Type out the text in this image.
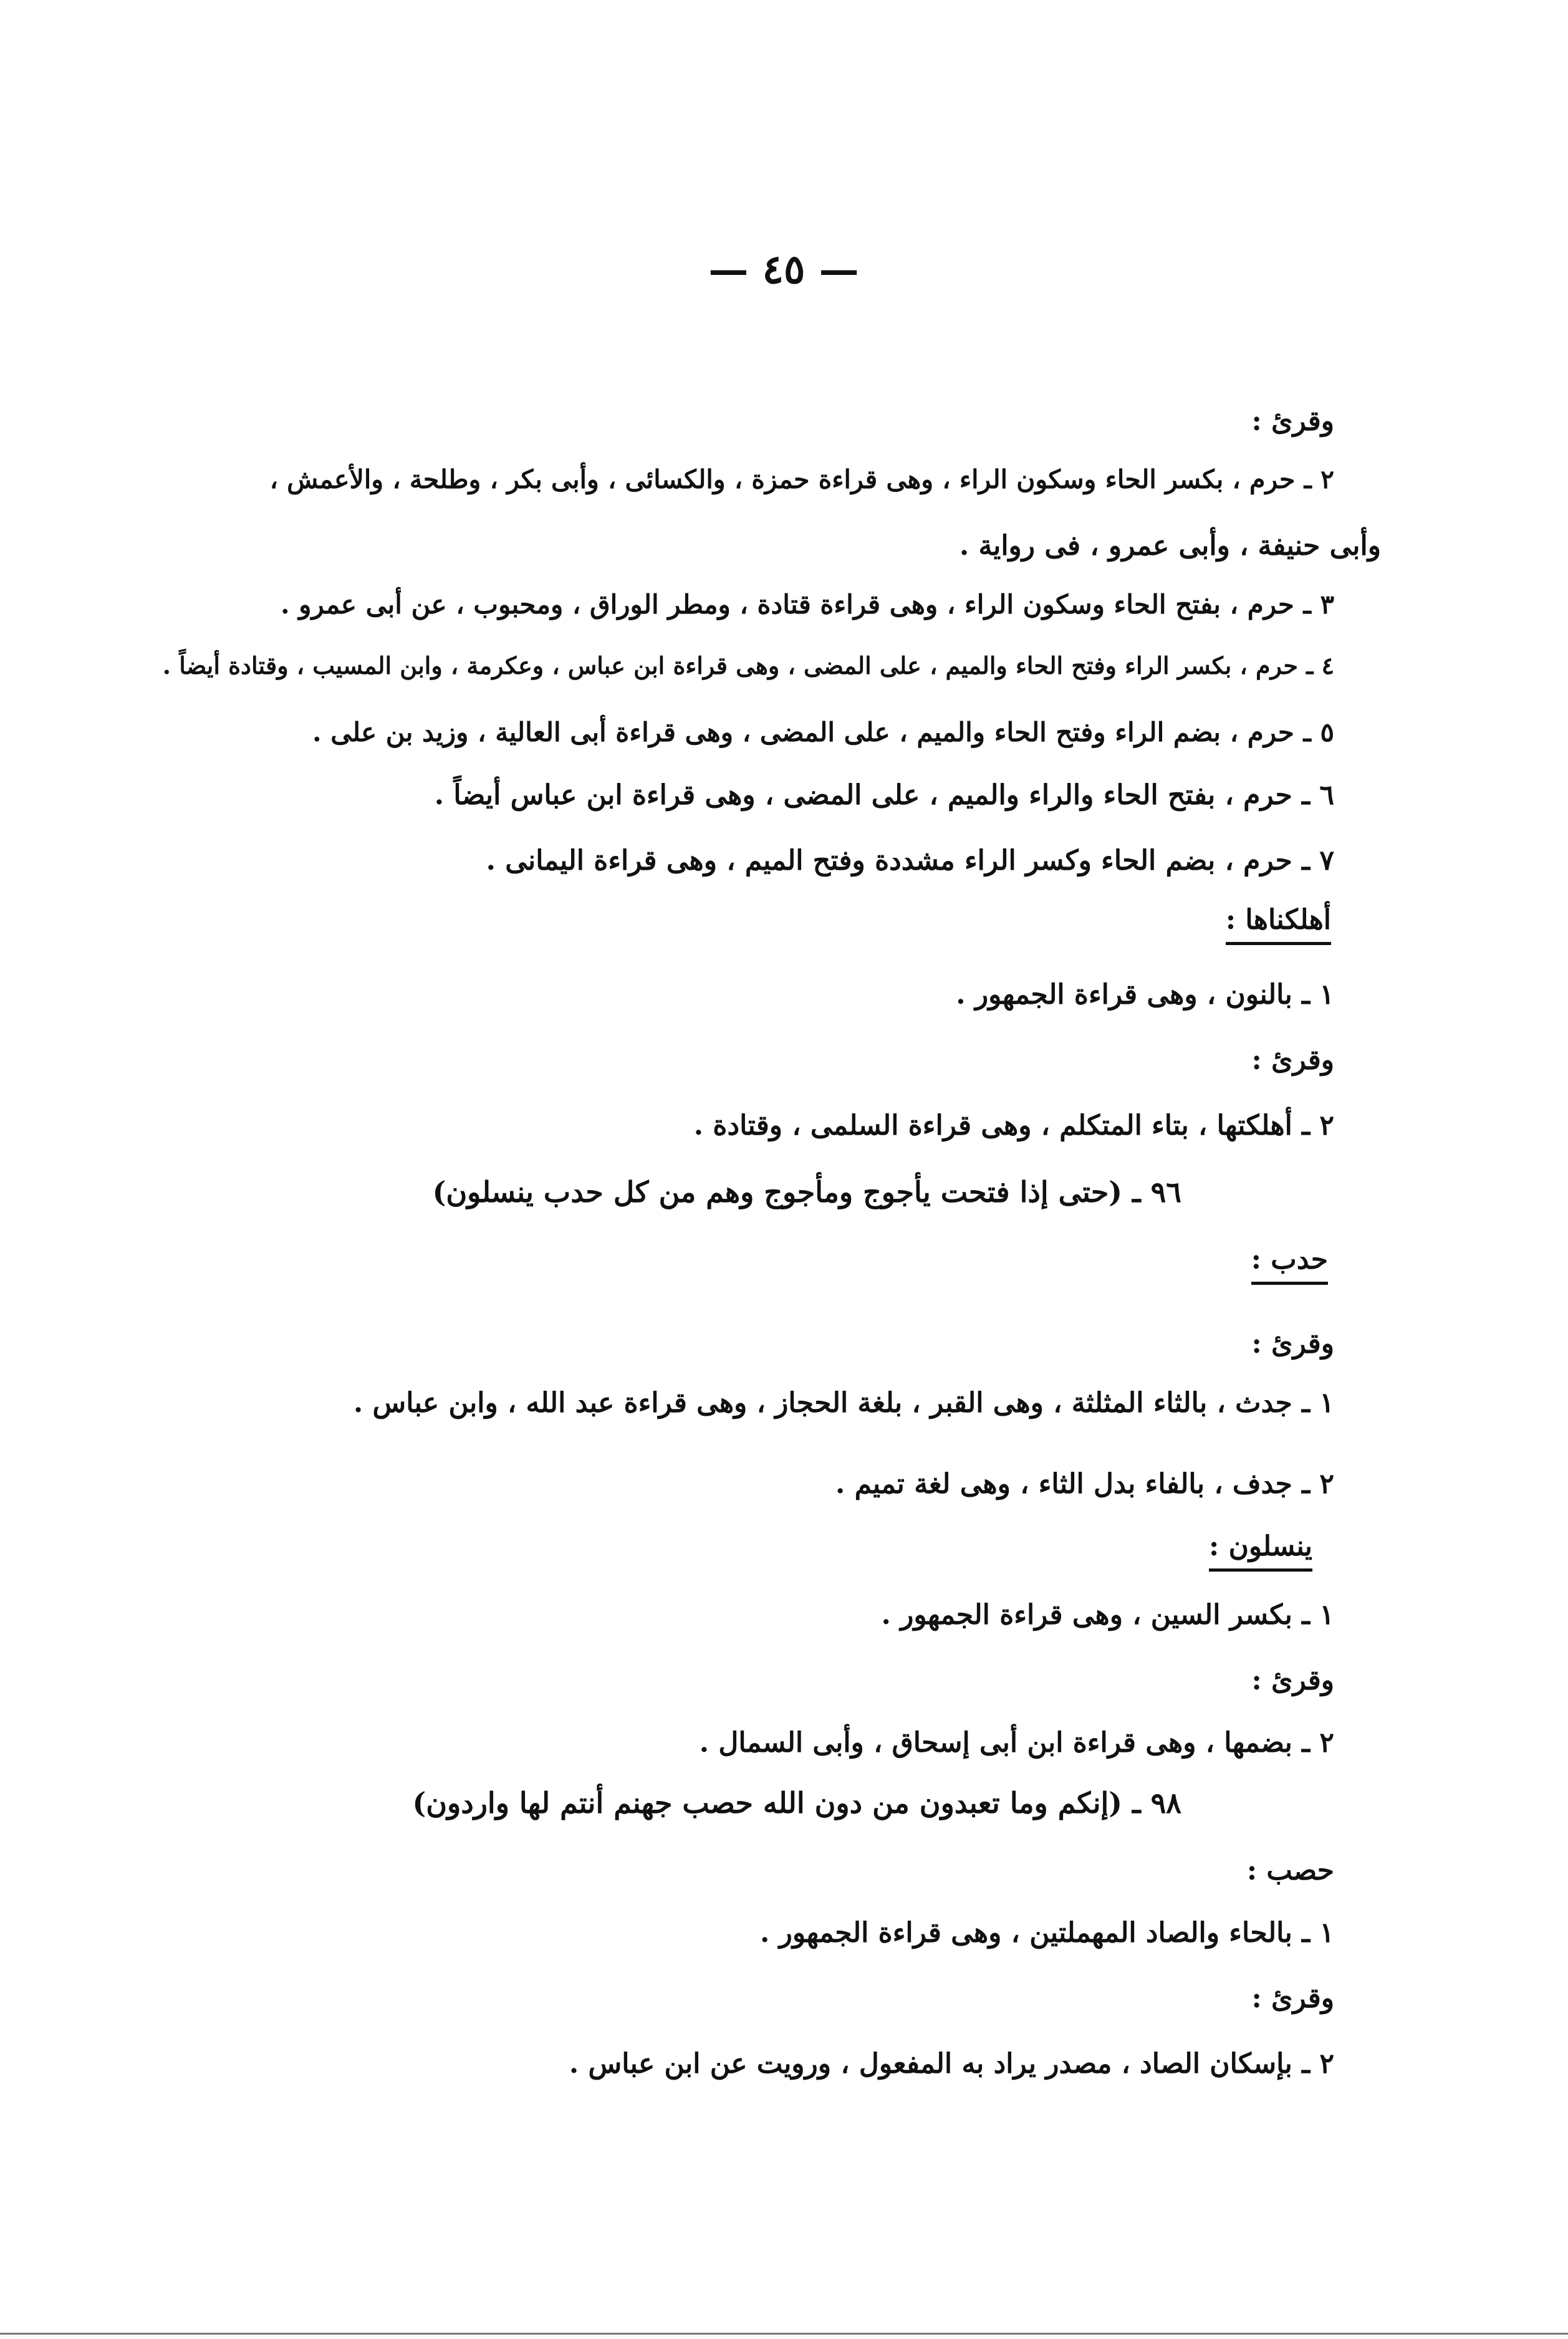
— ٤٥ —
وقرئ :
٢ ـ حرم ، بكسر الحاء وسكون الراء ، وهى قراءة حمزة ، والكسائى ، وأبى بكر ، وطلحة ، والأعمش ،
وأبى حنيفة ، وأبى عمرو ، فى رواية .
٣ ـ حرم ، بفتح الحاء وسكون الراء ، وهى قراءة قتادة ، ومطر الوراق ، ومحبوب ، عن أبى عمرو .
٤ ـ حرم ، بكسر الراء وفتح الحاء والميم ، على المضى ، وهى قراءة ابن عباس ، وعكرمة ، وابن المسيب ، وقتادة أيضاً .
٥ ـ حرم ، بضم الراء وفتح الحاء والميم ، على المضى ، وهى قراءة أبى العالية ، وزيد بن على .
٦ ـ حرم ، بفتح الحاء والراء والميم ، على المضى ، وهى قراءة ابن عباس أيضاً .
٧ ـ حرم ، بضم الحاء وكسر الراء مشددة وفتح الميم ، وهى قراءة اليمانى .
أهلكناها :
١ ـ بالنون ، وهى قراءة الجمهور .
وقرئ :
٢ ـ أهلكتها ، بتاء المتكلم ، وهى قراءة السلمى ، وقتادة .
٩٦ ـ (حتى إذا فتحت يأجوج ومأجوج وهم من كل حدب ينسلون)
حدب :
وقرئ :
١ ـ جدث ، بالثاء المثلثة ، وهى القبر ، بلغة الحجاز ، وهى قراءة عبد الله ، وابن عباس .
٢ ـ جدف ، بالفاء بدل الثاء ، وهى لغة تميم .
ينسلون :
١ ـ بكسر السين ، وهى قراءة الجمهور .
وقرئ :
٢ ـ بضمها ، وهى قراءة ابن أبى إسحاق ، وأبى السمال .
٩٨ ـ (إنكم وما تعبدون من دون الله حصب جهنم أنتم لها واردون)
حصب :
١ ـ بالحاء والصاد المهملتين ، وهى قراءة الجمهور .
وقرئ :
٢ ـ بإسكان الصاد ، مصدر يراد به المفعول ، ورويت عن ابن عباس .
